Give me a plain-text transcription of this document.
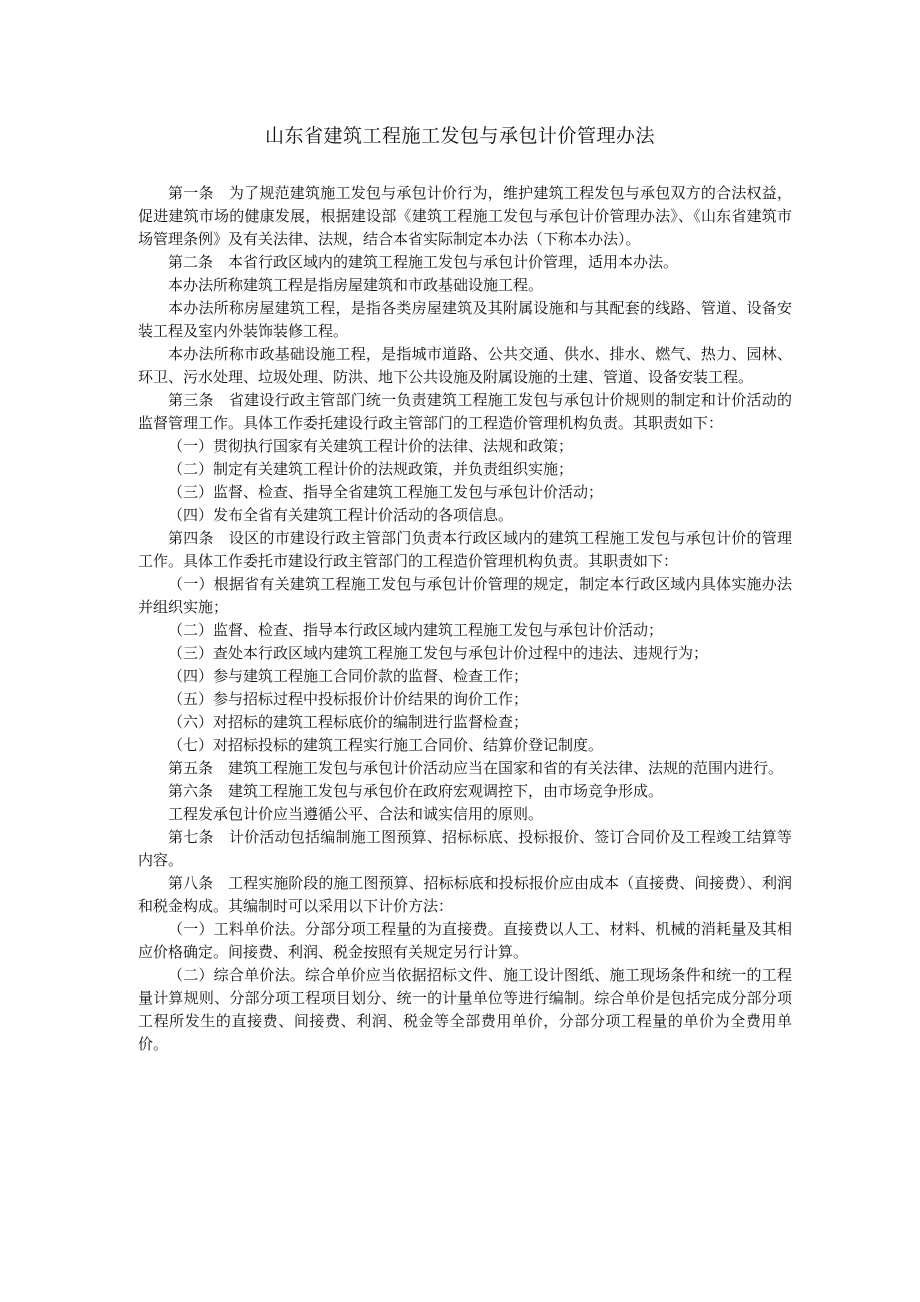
山东省建筑工程施工发包与承包计价管理办法

第一条　为了规范建筑施工发包与承包计价行为，维护建筑工程发包与承包双方的合法权益，促进建筑市场的健康发展，根据建设部《建筑工程施工发包与承包计价管理办法》、《山东省建筑市场管理条例》及有关法律、法规，结合本省实际制定本办法（下称本办法）。

第二条　本省行政区域内的建筑工程施工发包与承包计价管理，适用本办法。

本办法所称建筑工程是指房屋建筑和市政基础设施工程。

本办法所称房屋建筑工程，是指各类房屋建筑及其附属设施和与其配套的线路、管道、设备安装工程及室内外装饰装修工程。

本办法所称市政基础设施工程，是指城市道路、公共交通、供水、排水、燃气、热力、园林、环卫、污水处理、垃圾处理、防洪、地下公共设施及附属设施的土建、管道、设备安装工程。

第三条　省建设行政主管部门统一负责建筑工程施工发包与承包计价规则的制定和计价活动的监督管理工作。具体工作委托建设行政主管部门的工程造价管理机构负责。其职责如下：

（一）贯彻执行国家有关建筑工程计价的法律、法规和政策；

（二）制定有关建筑工程计价的法规政策，并负责组织实施；

（三）监督、检查、指导全省建筑工程施工发包与承包计价活动；

（四）发布全省有关建筑工程计价活动的各项信息。

第四条　设区的市建设行政主管部门负责本行政区域内的建筑工程施工发包与承包计价的管理工作。具体工作委托市建设行政主管部门的工程造价管理机构负责。其职责如下：

（一）根据省有关建筑工程施工发包与承包计价管理的规定，制定本行政区域内具体实施办法并组织实施；

（二）监督、检查、指导本行政区域内建筑工程施工发包与承包计价活动；

（三）查处本行政区域内建筑工程施工发包与承包计价过程中的违法、违规行为；

（四）参与建筑工程施工合同价款的监督、检查工作；

（五）参与招标过程中投标报价计价结果的询价工作；

（六）对招标的建筑工程标底价的编制进行监督检查；

（七）对招标投标的建筑工程实行施工合同价、结算价登记制度。

第五条　建筑工程施工发包与承包计价活动应当在国家和省的有关法律、法规的范围内进行。

第六条　建筑工程施工发包与承包价在政府宏观调控下，由市场竞争形成。

工程发承包计价应当遵循公平、合法和诚实信用的原则。

第七条　计价活动包括编制施工图预算、招标标底、投标报价、签订合同价及工程竣工结算等内容。

第八条　工程实施阶段的施工图预算、招标标底和投标报价应由成本（直接费、间接费）、利润和税金构成。其编制时可以采用以下计价方法：

（一）工料单价法。分部分项工程量的为直接费。直接费以人工、材料、机械的消耗量及其相应价格确定。间接费、利润、税金按照有关规定另行计算。

（二）综合单价法。综合单价应当依据招标文件、施工设计图纸、施工现场条件和统一的工程量计算规则、分部分项工程项目划分、统一的计量单位等进行编制。综合单价是包括完成分部分项工程所发生的直接费、间接费、利润、税金等全部费用单价，分部分项工程量的单价为全费用单价。
